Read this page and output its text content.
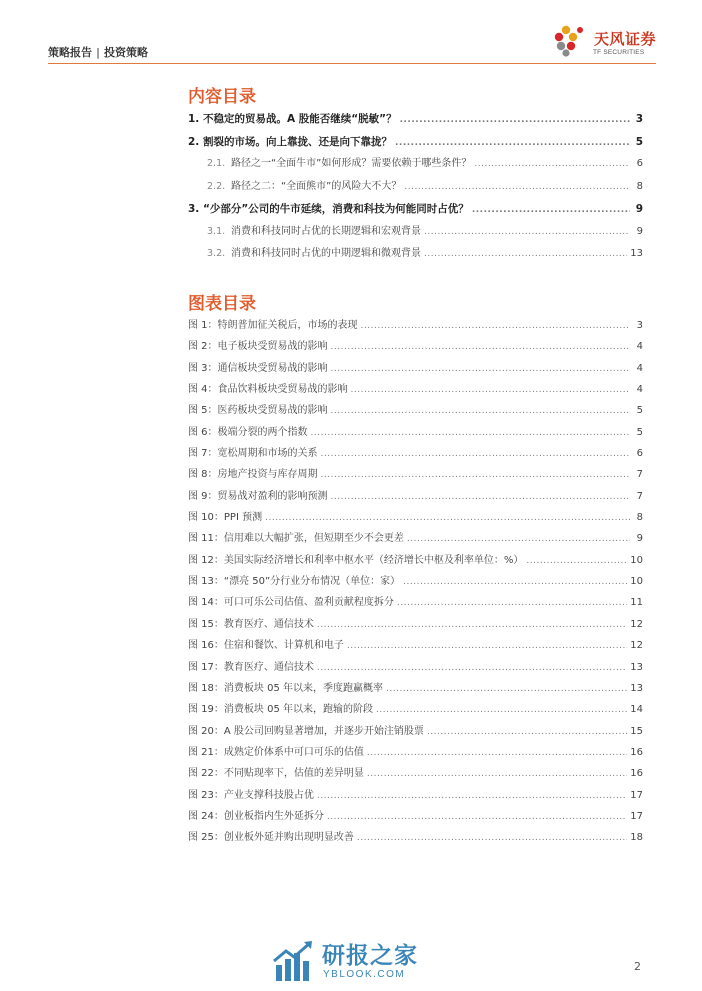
策略报告 | 投资策略
天风证券
TF SECURITIES
内容目录
1. 不稳定的贸易战。A 股能否继续“脱敏”？ .....	3
2. 割裂的市场。向上靠拢、还是向下靠拢？ .....	5
2.1. 路径之一“全面牛市”如何形成？需要依赖于哪些条件？ .....	6
2.2. 路径之二：“全面熊市”的风险大不大？ .....	8
3. “少部分”公司的牛市延续，消费和科技为何能同时占优？ .....	9
3.1. 消费和科技同时占优的长期逻辑和宏观背景 .....	9
3.2. 消费和科技同时占优的中期逻辑和微观背景 .....	13
图表目录
图 1： 特朗普加征关税后，市场的表现 .....	3
图 2： 电子板块受贸易战的影响 .....	4
图 3： 通信板块受贸易战的影响 .....	4
图 4： 食品饮料板块受贸易战的影响 .....	4
图 5： 医药板块受贸易战的影响 .....	5
图 6： 极端分裂的两个指数 .....	5
图 7： 宽松周期和市场的关系 .....	6
图 8： 房地产投资与库存周期 .....	7
图 9： 贸易战对盈利的影响预测 .....	7
图 10： PPI 预测 .....	8
图 11： 信用难以大幅扩张，但短期至少不会更差 .....	9
图 12： 美国实际经济增长和利率中枢水平（经济增长中枢及利率单位：%） .....	10
图 13： “漂亮 50”分行业分布情况（单位：家） .....	10
图 14： 可口可乐公司估值、盈利贡献程度拆分 .....	11
图 15： 教育医疗、通信技术 .....	12
图 16： 住宿和餐饮、计算机和电子 .....	12
图 17： 教育医疗、通信技术 .....	13
图 18： 消费板块 05 年以来，季度跑赢概率 .....	13
图 19： 消费板块 05 年以来，跑输的阶段 .....	14
图 20： A 股公司回购显著增加，并逐步开始注销股票 .....	15
图 21： 成熟定价体系中可口可乐的估值 .....	16
图 22： 不同贴现率下，估值的差异明显 .....	16
图 23： 产业支撑科技股占优 .....	17
图 24： 创业板指内生外延拆分 .....	17
图 25： 创业板外延并购出现明显改善 .....	18
研报之家
YBLOOK.COM
2
